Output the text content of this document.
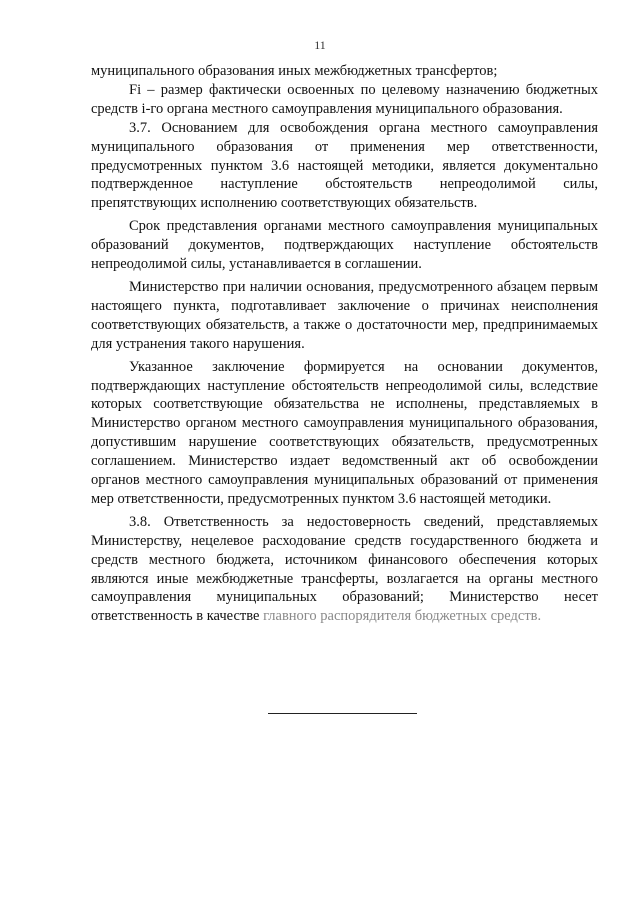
11

муниципального образования иных межбюджетных трансфертов;

Fi – размер фактически освоенных по целевому назначению бюджетных средств i-го органа местного самоуправления муниципального образования.

3.7. Основанием для освобождения органа местного самоуправления муниципального образования от применения мер ответственности, предусмотренных пунктом 3.6 настоящей методики, является документально подтвержденное наступление обстоятельств непреодолимой силы, препятствующих исполнению соответствующих обязательств.

Срок представления органами местного самоуправления муниципальных образований документов, подтверждающих наступление обстоятельств непреодолимой силы, устанавливается в соглашении.

Министерство при наличии основания, предусмотренного абзацем первым настоящего пункта, подготавливает заключение о причинах неисполнения соответствующих обязательств, а также о достаточности мер, предпринимаемых для устранения такого нарушения.

Указанное заключение формируется на основании документов, подтверждающих наступление обстоятельств непреодолимой силы, вследствие которых соответствующие обязательства не исполнены, представляемых в Министерство органом местного самоуправления муниципального образования, допустившим нарушение соответствующих обязательств, предусмотренных соглашением. Министерство издает ведомственный акт об освобождении органов местного самоуправления муниципальных образований от применения мер ответственности, предусмотренных пунктом 3.6 настоящей методики.

3.8. Ответственность за недостоверность сведений, представляемых Министерству, нецелевое расходование средств государственного бюджета и средств местного бюджета, источником финансового обеспечения которых являются иные межбюджетные трансферты, возлагается на органы местного самоуправления муниципальных образований; Министерство несет ответственность в качестве главного распорядителя бюджетных средств.
